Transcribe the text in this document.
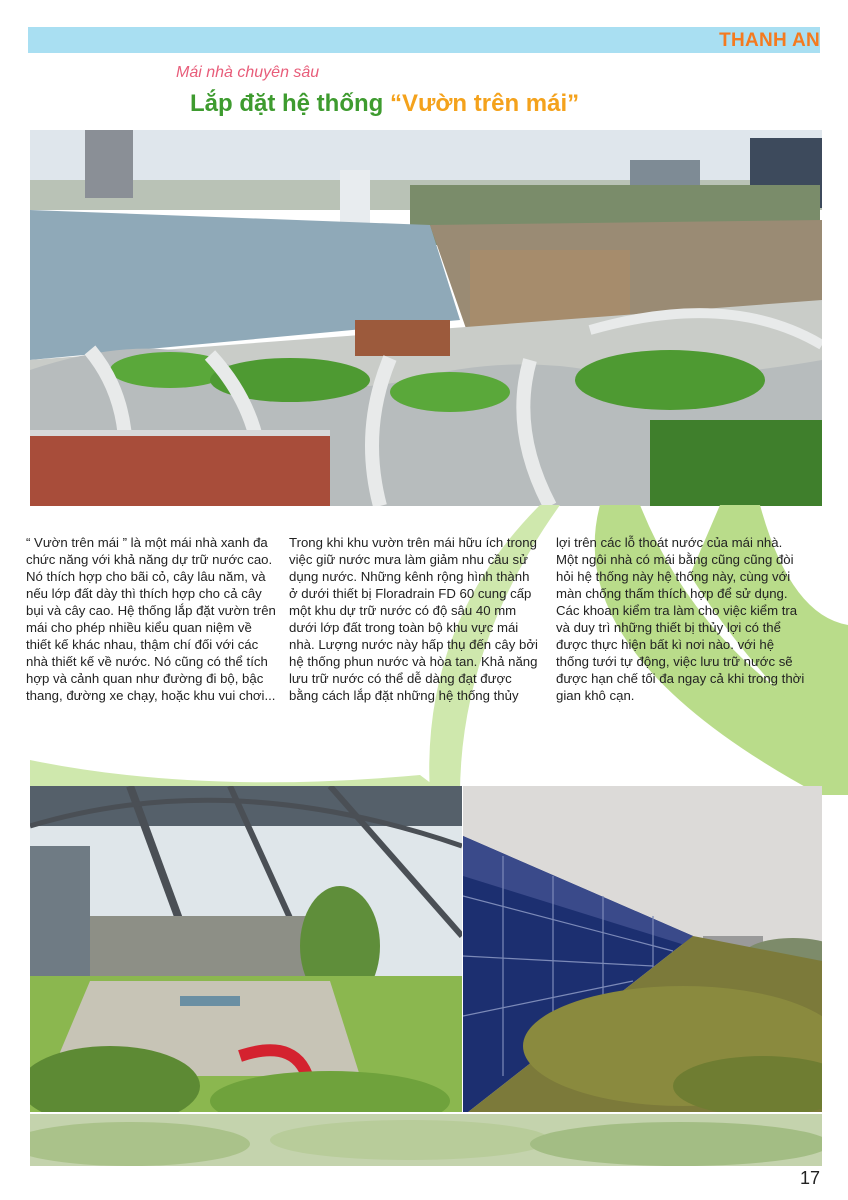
THANH AN
Mái nhà chuyên sâu
Lắp đặt hệ thống “Vườn trên mái”
“ Vườn trên mái ” là một mái nhà xanh đa chức năng với khả năng dự trữ nước cao. Nó thích hợp cho bãi cỏ, cây lâu năm, và nếu lớp đất dày thì thích hợp cho cả cây bụi và cây cao. Hệ thống lắp đặt vườn trên mái cho phép nhiều kiểu quan niệm về thiết kế khác nhau, thậm chí đối với các nhà thiết kế về nước. Nó cũng có thể tích hợp và cảnh quan như đường đi bộ, bậc thang, đường xe chạy, hoặc khu vui chơi...
Trong khi khu vườn trên mái hữu ích trong việc giữ nước mưa làm giảm nhu cầu sử dụng nước. Những kênh rộng hình thành ở dưới thiết bị Floradrain FD 60 cung cấp một khu dự trữ nước có độ sâu 40 mm dưới lớp đất trong toàn bộ khu vực mái nhà. Lượng nước này hấp thụ đến cây bởi hệ thống phun nước và hòa tan. Khả năng lưu trữ nước có thể dễ dàng đạt được bằng cách lắp đặt những hệ thống thủy
lợi trên các lỗ thoát nước của mái nhà. Một ngôi nhà có mái bằng cũng cũng đòi hỏi hệ thống này hệ thống này, cùng với màn chống thấm thích hợp để sử dụng. Các khoan kiểm tra làm cho việc kiểm tra và duy trì những thiết bị thủy lợi có thể được thực hiện bất kì nơi nào. với hệ thống tưới tự động, việc lưu trữ nước sẽ được hạn chế tối đa ngay cả khi trong thời gian khô cạn.
17
